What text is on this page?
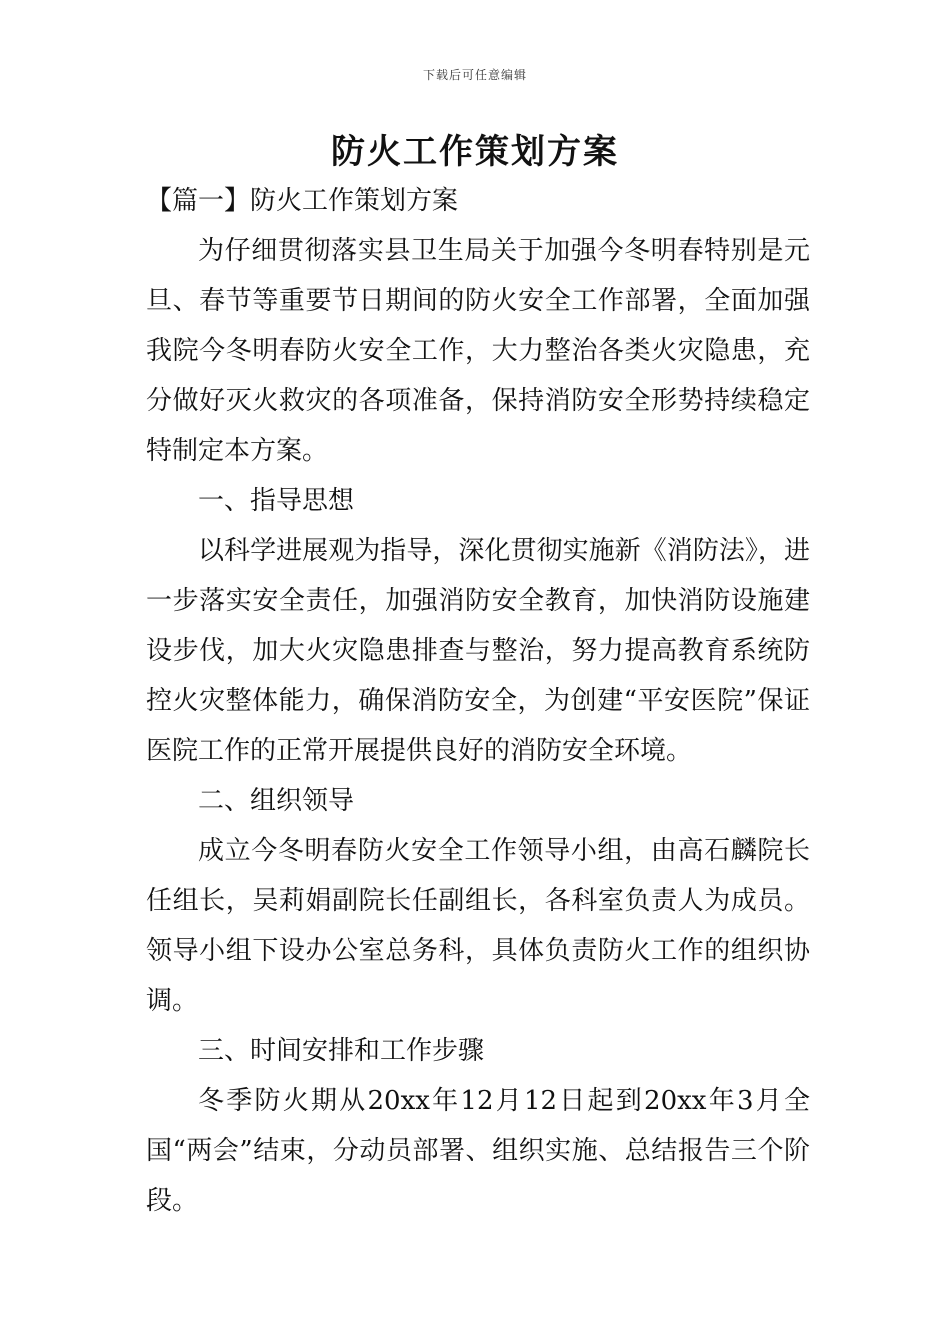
下载后可任意编辑
防火工作策划方案

【篇一】防火工作策划方案

为仔细贯彻落实县卫生局关于加强今冬明春特别是元旦、春节等重要节日期间的防火安全工作部署，全面加强我院今冬明春防火安全工作，大力整治各类火灾隐患，充分做好灭火救灾的各项准备，保持消防安全形势持续稳定特制定本方案。

一、指导思想

以科学进展观为指导，深化贯彻实施新《消防法》，进一步落实安全责任，加强消防安全教育，加快消防设施建设步伐，加大火灾隐患排查与整治，努力提高教育系统防控火灾整体能力，确保消防安全，为创建“平安医院”保证医院工作的正常开展提供良好的消防安全环境。

二、组织领导

成立今冬明春防火安全工作领导小组，由高石麟院长任组长，吴莉娟副院长任副组长，各科室负责人为成员。领导小组下设办公室总务科，具体负责防火工作的组织协调。

三、时间安排和工作步骤

冬季防火期从20xx年12月12日起到20xx年3月全国“两会”结束，分动员部署、组织实施、总结报告三个阶段。
